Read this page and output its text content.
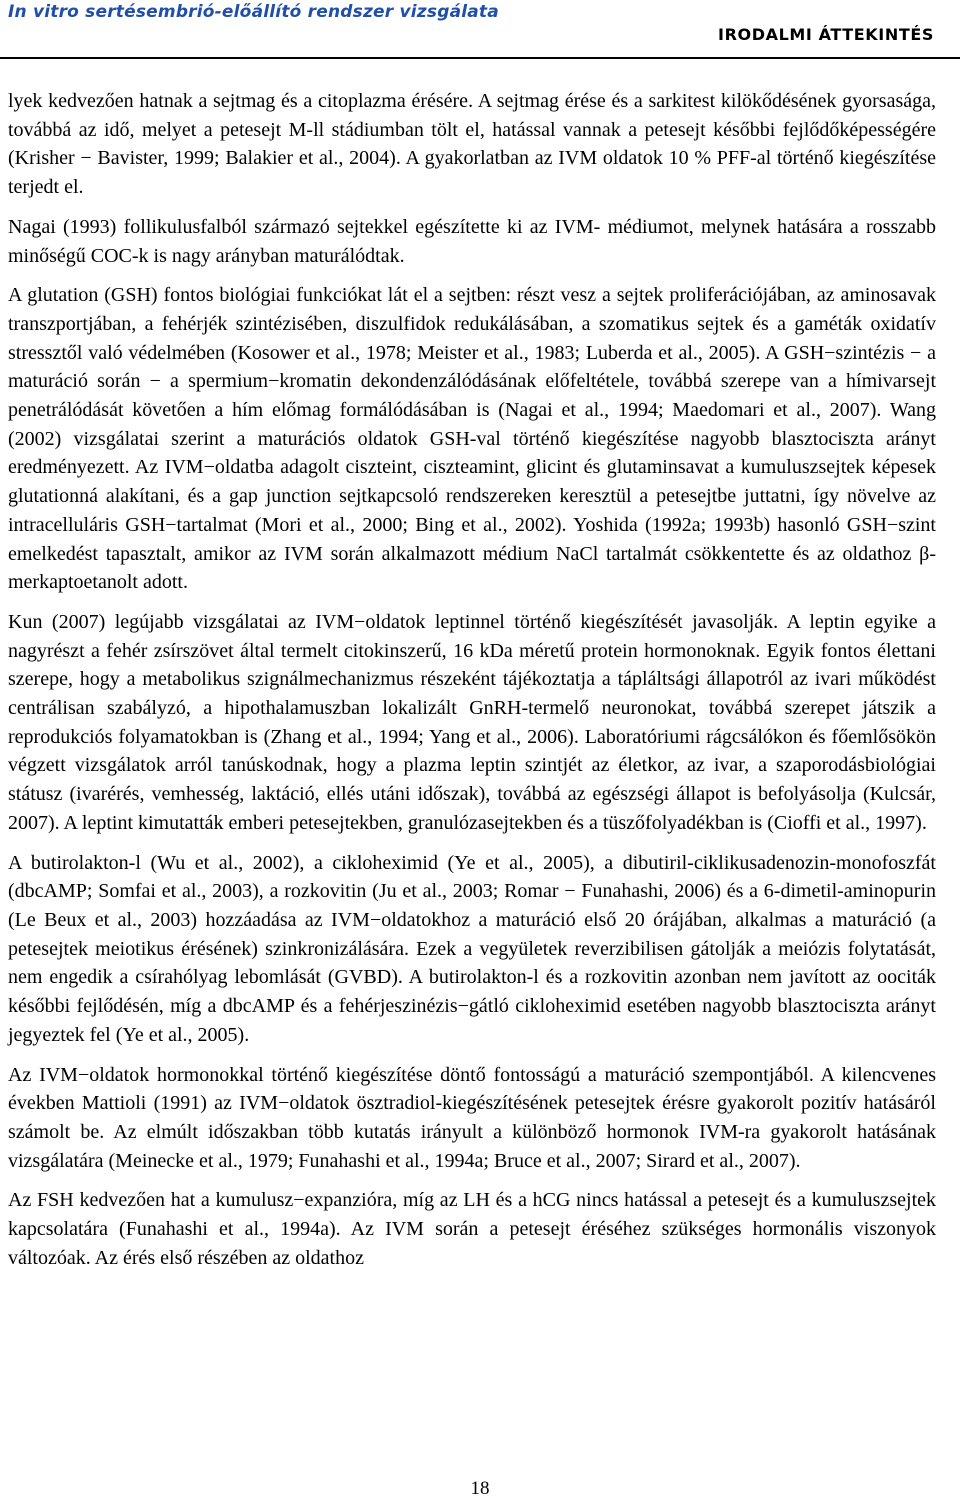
In vitro sertésembrió-előállító rendszer vizsgálata
IRODALMI ÁTTEKINTÉS

lyek kedvezően hatnak a sejtmag és a citoplazma érésére. A sejtmag érése és a sarkitest kilökődésének gyorsasága, továbbá az idő, melyet a petesejt M-ll stádiumban tölt el, hatással vannak a petesejt későbbi fejlődőképességére (Krisher − Bavister, 1999; Balakier et al., 2004). A gyakorlatban az IVM oldatok 10 % PFF-al történő kiegészítése terjedt el.

Nagai (1993) follikulusfalból származó sejtekkel egészítette ki az IVM- médiumot, melynek hatására a rosszabb minőségű COC-k is nagy arányban maturálódtak.

A glutation (GSH) fontos biológiai funkciókat lát el a sejtben: részt vesz a sejtek proliferációjában, az aminosavak transzportjában, a fehérjék szintézisében, diszulfidok redukálásában, a szomatikus sejtek és a gaméták oxidatív stressztől való védelmében (Kosower et al., 1978; Meister et al., 1983; Luberda et al., 2005). A GSH−szintézis − a maturáció során − a spermium−kromatin dekondenzálódásának előfeltétele, továbbá szerepe van a hímivarsejt penetrálódását követően a hím előmag formálódásában is (Nagai et al., 1994; Maedomari et al., 2007). Wang (2002) vizsgálatai szerint a maturációs oldatok GSH-val történő kiegészítése nagyobb blasztociszta arányt eredményezett. Az IVM−oldatba adagolt ciszteint, ciszteamint, glicint és glutaminsavat a kumuluszsejtek képesek glutationná alakítani, és a gap junction sejtkapcsoló rendszereken keresztül a petesejtbe juttatni, így növelve az intracelluláris GSH−tartalmat (Mori et al., 2000; Bing et al., 2002). Yoshida (1992a; 1993b) hasonló GSH−szint emelkedést tapasztalt, amikor az IVM során alkalmazott médium NaCl tartalmát csökkentette és az oldathoz β-merkaptoetanolt adott.

Kun (2007) legújabb vizsgálatai az IVM−oldatok leptinnel történő kiegészítését javasolják. A leptin egyike a nagyrészt a fehér zsírszövet által termelt citokinszerű, 16 kDa méretű protein hormonoknak. Egyik fontos élettani szerepe, hogy a metabolikus szignálmechanizmus részeként tájékoztatja a tápláltsági állapotról az ivari működést centrálisan szabályzó, a hipothalamuszban lokalizált GnRH-termelő neuronokat, továbbá szerepet játszik a reprodukciós folyamatokban is (Zhang et al., 1994; Yang et al., 2006). Laboratóriumi rágcsálókon és főemlősökön végzett vizsgálatok arról tanúskodnak, hogy a plazma leptin szintjét az életkor, az ivar, a szaporodásbiológiai státusz (ivarérés, vemhesség, laktáció, ellés utáni időszak), továbbá az egészségi állapot is befolyásolja (Kulcsár, 2007). A leptint kimutatták emberi petesejtekben, granulózasejtekben és a tüszőfolyadékban is (Cioffi et al., 1997).

A butirolakton-l (Wu et al., 2002), a cikloheximid (Ye et al., 2005), a dibutiril-ciklikusadenozin-monofoszfát (dbcAMP; Somfai et al., 2003), a rozkovitin (Ju et al., 2003; Romar − Funahashi, 2006) és a 6-dimetil-aminopurin (Le Beux et al., 2003) hozzáadása az IVM−oldatokhoz a maturáció első 20 órájában, alkalmas a maturáció (a petesejtek meiotikus érésének) szinkronizálására. Ezek a vegyületek reverzibilisen gátolják a meiózis folytatását, nem engedik a csírahólyag lebomlását (GVBD). A butirolakton-l és a rozkovitin azonban nem javított az oociták későbbi fejlődésén, míg a dbcAMP és a fehérjeszinézis−gátló cikloheximid esetében nagyobb blasztociszta arányt jegyeztek fel (Ye et al., 2005).

Az IVM−oldatok hormonokkal történő kiegészítése döntő fontosságú a maturáció szempontjából. A kilencvenes években Mattioli (1991) az IVM−oldatok ösztradiol-kiegészítésének petesejtek érésre gyakorolt pozitív hatásáról számolt be. Az elmúlt időszakban több kutatás irányult a különböző hormonok IVM-ra gyakorolt hatásának vizsgálatára (Meinecke et al., 1979; Funahashi et al., 1994a; Bruce et al., 2007; Sirard et al., 2007).

Az FSH kedvezően hat a kumulusz−expanzióra, míg az LH és a hCG nincs hatással a petesejt és a kumuluszsejtek kapcsolatára (Funahashi et al., 1994a). Az IVM során a petesejt éréséhez szükséges hormonális viszonyok változóak. Az érés első részében az oldathoz

18
